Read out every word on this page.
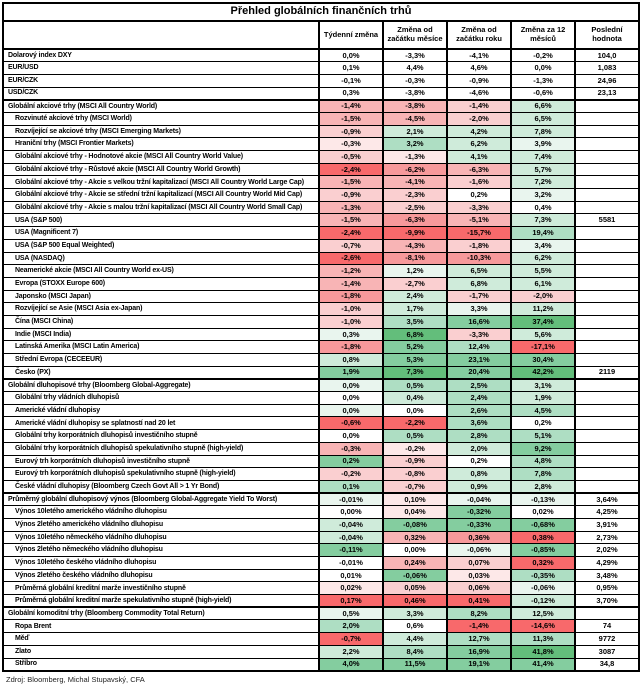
Přehled globálních finančních trhů					
	Týdenní změna	Změna od začátku měsíce	Změna od začátku roku	Změna za 12 měsíců	Poslední hodnota
Dolarový index DXY	0,0%	-3,3%	-4,1%	-0,2%	104,0
EUR/USD	0,1%	4,4%	4,6%	0,0%	1,083
EUR/CZK	-0,1%	-0,3%	-0,9%	-1,3%	24,96
USD/CZK	0,3%	-3,8%	-4,6%	-0,6%	23,13
Globální akciové trhy (MSCI All Country World)	-1,4%	-3,8%	-1,4%	6,6%	
Rozvinuté akciové trhy (MSCI World)	-1,5%	-4,5%	-2,0%	6,5%	
Rozvíjející se akciové trhy (MSCI Emerging Markets)	-0,9%	2,1%	4,2%	7,8%	
Hraniční trhy (MSCI Frontier Markets)	-0,3%	3,2%	6,2%	3,9%	
Globální akciové trhy - Hodnotové akcie (MSCI All Country World Value)	-0,5%	-1,3%	4,1%	7,4%	
Globální akciové trhy - Růstové akcie (MSCI All Country World Growth)	-2,4%	-6,2%	-6,3%	5,7%	
Globální akciové trhy - Akcie s velkou tržní kapitalizací (MSCI All Country World Large Cap)	-1,5%	-4,1%	-1,6%	7,2%	
Globální akciové trhy - Akcie se střední tržní kapitalizací (MSCI All Country World Mid Cap)	-0,9%	-2,3%	0,2%	3,2%	
Globální akciové trhy - Akcie s malou tržní kapitalizací (MSCI All Country World Small Cap)	-1,3%	-2,5%	-3,3%	0,4%	
USA (S&P 500)	-1,5%	-6,3%	-5,1%	7,3%	5581
USA (Magnificent 7)	-2,4%	-9,9%	-15,7%	19,4%	
USA (S&P 500 Equal Weighted)	-0,7%	-4,3%	-1,8%	3,4%	
USA (NASDAQ)	-2,6%	-8,1%	-10,3%	6,2%	
Neamerické akcie (MSCI All Country World ex-US)	-1,2%	1,2%	6,5%	5,5%	
Evropa (STOXX Europe 600)	-1,4%	-2,7%	6,8%	6,1%	
Japonsko (MSCI Japan)	-1,8%	2,4%	-1,7%	-2,0%	
Rozvíjející se Asie (MSCI Asia ex-Japan)	-1,0%	1,7%	3,3%	11,2%	
Čína (MSCI China)	-1,0%	3,5%	16,6%	37,4%	
Indie (MSCI India)	0,3%	6,8%	-3,3%	5,6%	
Latinská Amerika (MSCI Latin America)	-1,8%	5,2%	12,4%	-17,1%	
Střední Evropa (CECEEUR)	0,8%	5,3%	23,1%	30,4%	
Česko (PX)	1,9%	7,3%	20,4%	42,2%	2119
Globální dluhopisové trhy (Bloomberg Global-Aggregate)	0,0%	0,5%	2,5%	3,1%	
Globální trhy vládních dluhopisů	0,0%	0,4%	2,4%	1,9%	
Americké vládní dluhopisy	0,0%	0,0%	2,6%	4,5%	
Americké vládní dluhopisy se splatností nad 20 let	-0,6%	-2,2%	3,6%	0,2%	
Globální trhy korporátních dluhopisů investičního stupně	0,0%	0,5%	2,8%	5,1%	
Globální trhy korporátních dluhopisů spekulativního stupně (high-yield)	-0,3%	-0,2%	2,0%	9,2%	
Eurový trh korporátních dluhopisů investičního stupně	0,2%	-0,9%	0,2%	4,8%	
Eurový trh korporátních dluhopisů spekulativního stupně (high-yield)	-0,2%	-0,8%	0,8%	7,8%	
České vládní dluhopisy (Bloomberg Czech Govt All > 1 Yr Bond)	0,1%	-0,7%	0,9%	2,8%	
Průměrný globální dluhopisový výnos (Bloomberg Global-Aggregate Yield To Worst)	-0,01%	0,10%	-0,04%	-0,13%	3,64%
Výnos 10letého amerického vládního dluhopisu	0,00%	0,04%	-0,32%	0,02%	4,25%
Výnos 2letého amerického vládního dluhopisu	-0,04%	-0,08%	-0,33%	-0,68%	3,91%
Výnos 10letého německého vládního dluhopisu	-0,04%	0,32%	0,36%	0,38%	2,73%
Výnos 2letého německého vládního dluhopisu	-0,11%	0,00%	-0,06%	-0,85%	2,02%
Výnos 10letého českého vládního dluhopisu	-0,01%	0,24%	0,07%	0,32%	4,29%
Výnos 2letého českého vládního dluhopisu	0,01%	-0,06%	0,03%	-0,35%	3,48%
Průměrná globální kreditní marže investičního stupně	0,02%	0,05%	0,06%	-0,06%	0,95%
Průměrná globální kreditní marže spekulativního stupně (high-yield)	0,17%	0,46%	0,41%	-0,12%	3,70%
Globální komoditní trhy (Bloomberg Commodity Total Return)	0,5%	3,3%	8,2%	12,5%	
Ropa Brent	2,0%	0,6%	-1,4%	-14,6%	74
Měď	-0,7%	4,4%	12,7%	11,3%	9772
Zlato	2,2%	8,4%	16,9%	41,8%	3087
Stříbro	4,0%	11,5%	19,1%	41,4%	34,8
Zdroj: Bloomberg, Michal Stupavský, CFA
